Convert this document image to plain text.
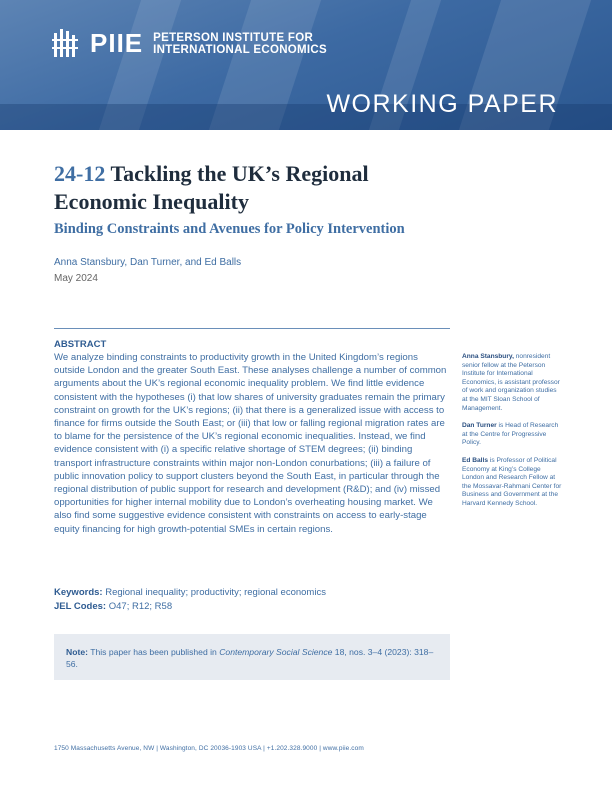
PIIE PETERSON INSTITUTE FOR
INTERNATIONAL ECONOMICS
WORKING PAPER
24-12 Tackling the UK’s Regional
Economic Inequality
Binding Constraints and Avenues for Policy Intervention
Anna Stansbury, Dan Turner, and Ed Balls
May 2024
ABSTRACT

We analyze binding constraints to productivity growth in the United Kingdom’s regions outside London and the greater South East. These analyses challenge a number of common arguments about the UK’s regional economic inequality problem. We find little evidence consistent with the hypotheses (i) that low shares of university graduates remain the primary constraint on growth for the UK’s regions; (ii) that there is a generalized issue with access to finance for firms outside the South East; or (iii) that low or falling regional migration rates are to blame for the persistence of the UK’s regional economic inequalities. Instead, we find evidence consistent with (i) a specific relative shortage of STEM degrees; (ii) binding transport infrastructure constraints within major non-London conurbations; (iii) a failure of public innovation policy to support clusters beyond the South East, in particular through the regional distribution of public support for research and development (R&D); and (iv) missed opportunities for higher internal mobility due to London’s overheating housing market. We also find some suggestive evidence consistent with constraints on access to early-stage equity financing for high growth-potential SMEs in certain regions.

Anna Stansbury, nonresident senior fellow at the Peterson Institute for International Economics, is assistant professor of work and organization studies at the MIT Sloan School of Management.

Dan Turner is Head of Research at the Centre for Progressive Policy.

Ed Balls is Professor of Political Economy at King’s College London and Research Fellow at the Mossavar-Rahmani Center for Business and Government at the Harvard Kennedy School.

Keywords: Regional inequality; productivity; regional economics
JEL Codes: O47; R12; R58

Note: This paper has been published in Contemporary Social Science 18, nos. 3–4 (2023): 318–56.

1750 Massachusetts Avenue, NW | Washington, DC 20036-1903 USA | +1.202.328.9000 | www.piie.com
